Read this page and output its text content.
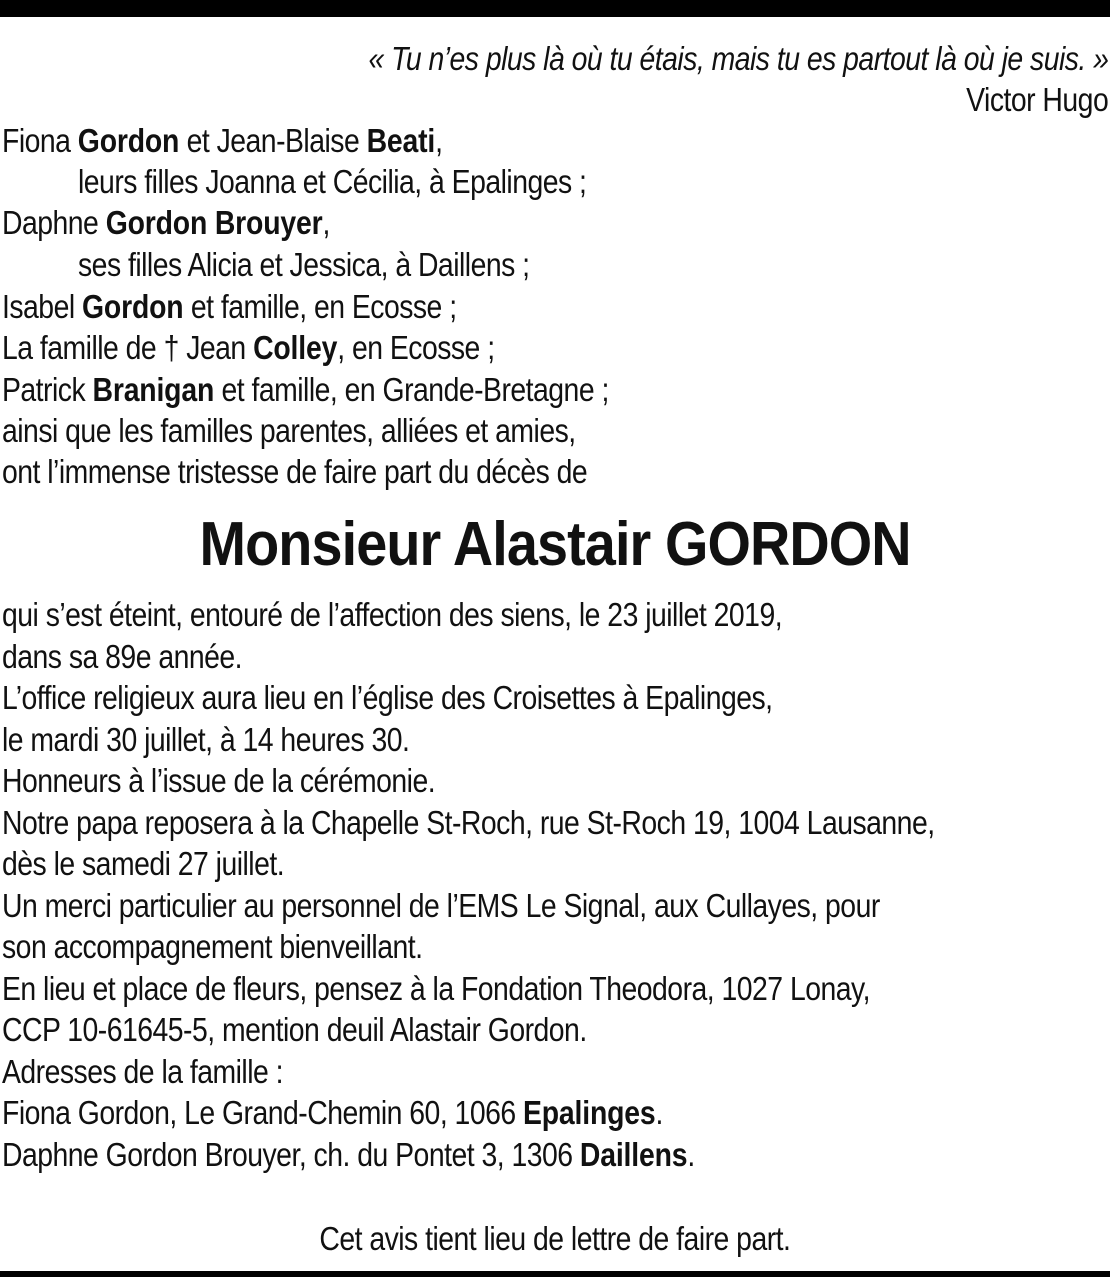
« Tu n’es plus là où tu étais, mais tu es partout là où je suis. »
Victor Hugo
Fiona Gordon et Jean-Blaise Beati,
leurs filles Joanna et Cécilia, à Epalinges ;
Daphne Gordon Brouyer,
ses filles Alicia et Jessica, à Daillens ;
Isabel Gordon et famille, en Ecosse ;
La famille de † Jean Colley, en Ecosse ;
Patrick Branigan et famille, en Grande-Bretagne ;
ainsi que les familles parentes, alliées et amies,
ont l’immense tristesse de faire part du décès de
Monsieur Alastair GORDON
qui s’est éteint, entouré de l’affection des siens, le 23 juillet 2019,
dans sa 89e année.
L’office religieux aura lieu en l’église des Croisettes à Epalinges,
le mardi 30 juillet, à 14 heures 30.
Honneurs à l’issue de la cérémonie.
Notre papa reposera à la Chapelle St-Roch, rue St-Roch 19, 1004 Lausanne,
dès le samedi 27 juillet.
Un merci particulier au personnel de l’EMS Le Signal, aux Cullayes, pour
son accompagnement bienveillant.
En lieu et place de fleurs, pensez à la Fondation Theodora, 1027 Lonay,
CCP 10-61645-5, mention deuil Alastair Gordon.
Adresses de la famille :
Fiona Gordon, Le Grand-Chemin 60, 1066 Epalinges.
Daphne Gordon Brouyer, ch. du Pontet 3, 1306 Daillens.
Cet avis tient lieu de lettre de faire part.
